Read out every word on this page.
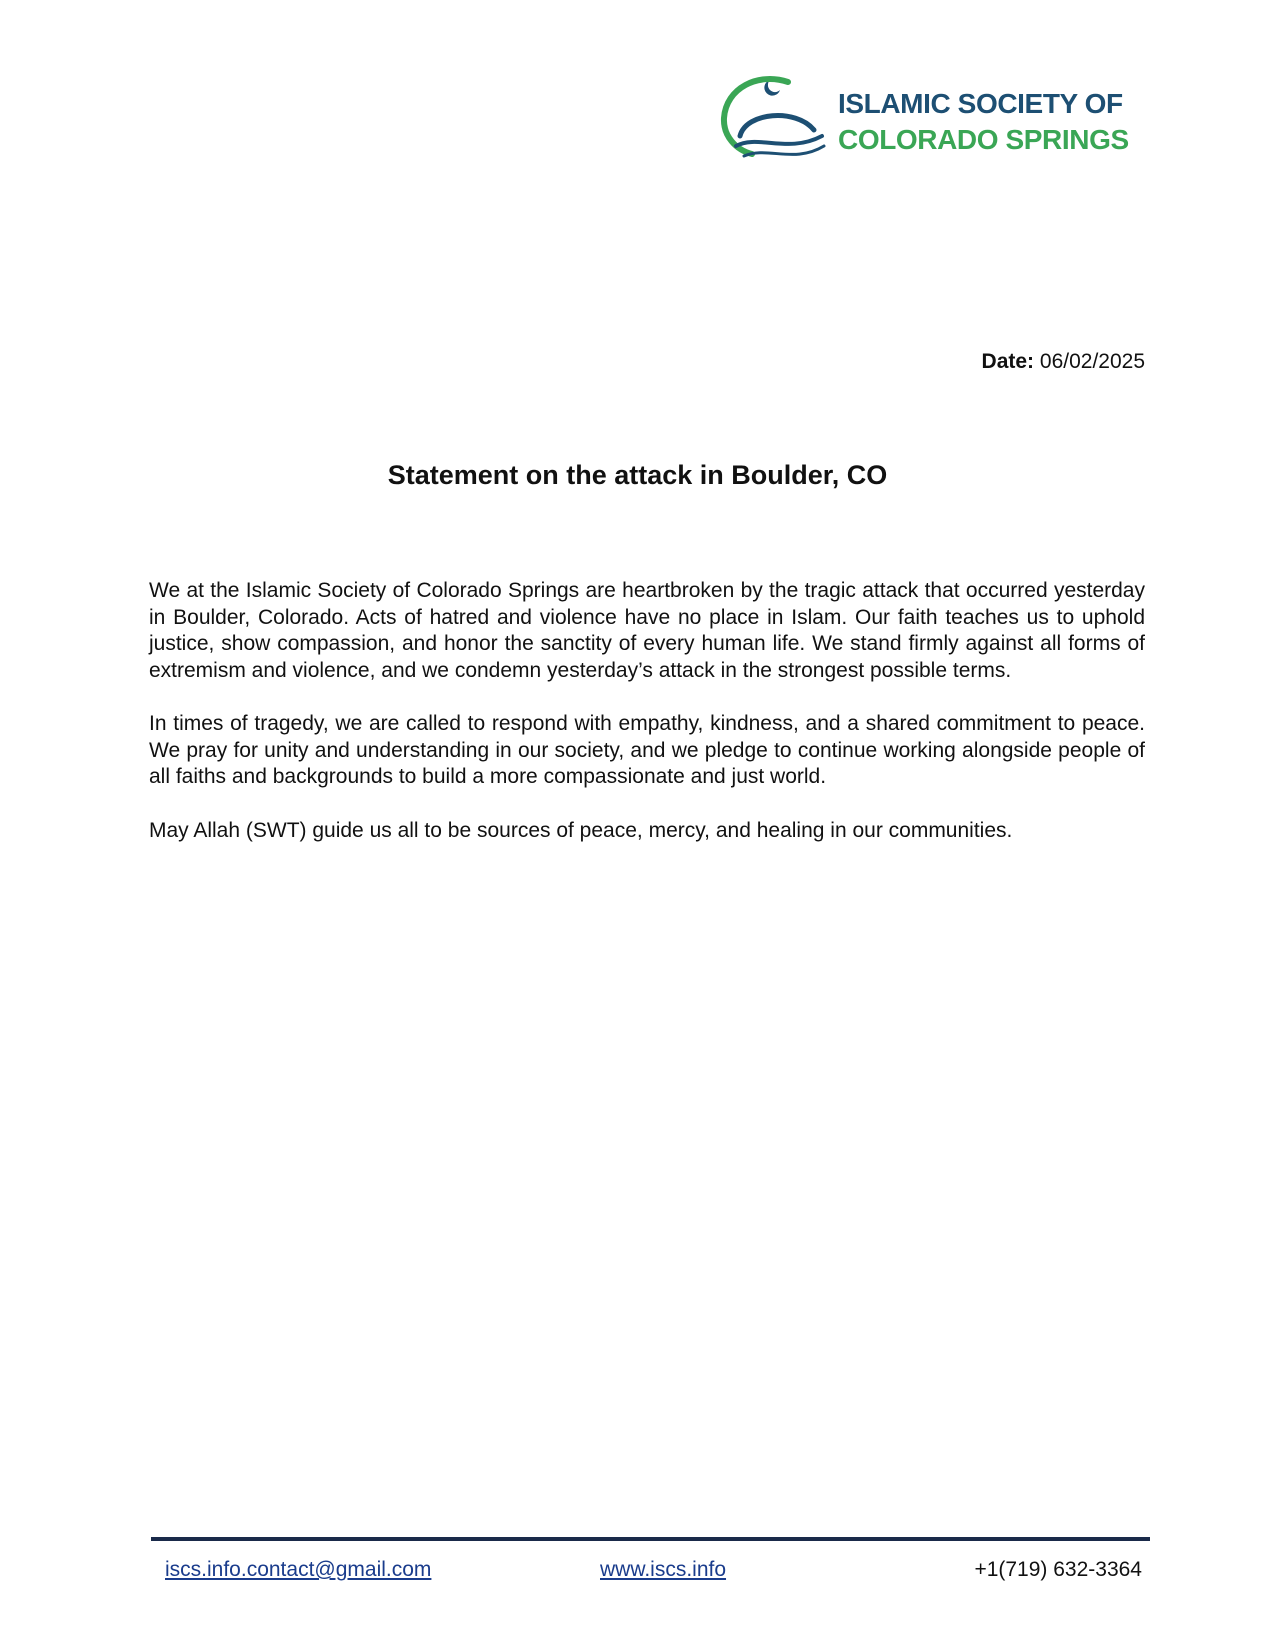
ISLAMIC SOCIETY OF
COLORADO SPRINGS
Date: 06/02/2025
Statement on the attack in Boulder, CO

We at the Islamic Society of Colorado Springs are heartbroken by the tragic attack that occurred yesterday in Boulder, Colorado. Acts of hatred and violence have no place in Islam. Our faith teaches us to uphold justice, show compassion, and honor the sanctity of every human life. We stand firmly against all forms of extremism and violence, and we condemn yesterday’s attack in the strongest possible terms.

In times of tragedy, we are called to respond with empathy, kindness, and a shared commitment to peace. We pray for unity and understanding in our society, and we pledge to continue working alongside people of all faiths and backgrounds to build a more compassionate and just world.

May Allah (SWT) guide us all to be sources of peace, mercy, and healing in our communities.

iscs.info.contact@gmail.com	www.iscs.info	+1(719) 632-3364
